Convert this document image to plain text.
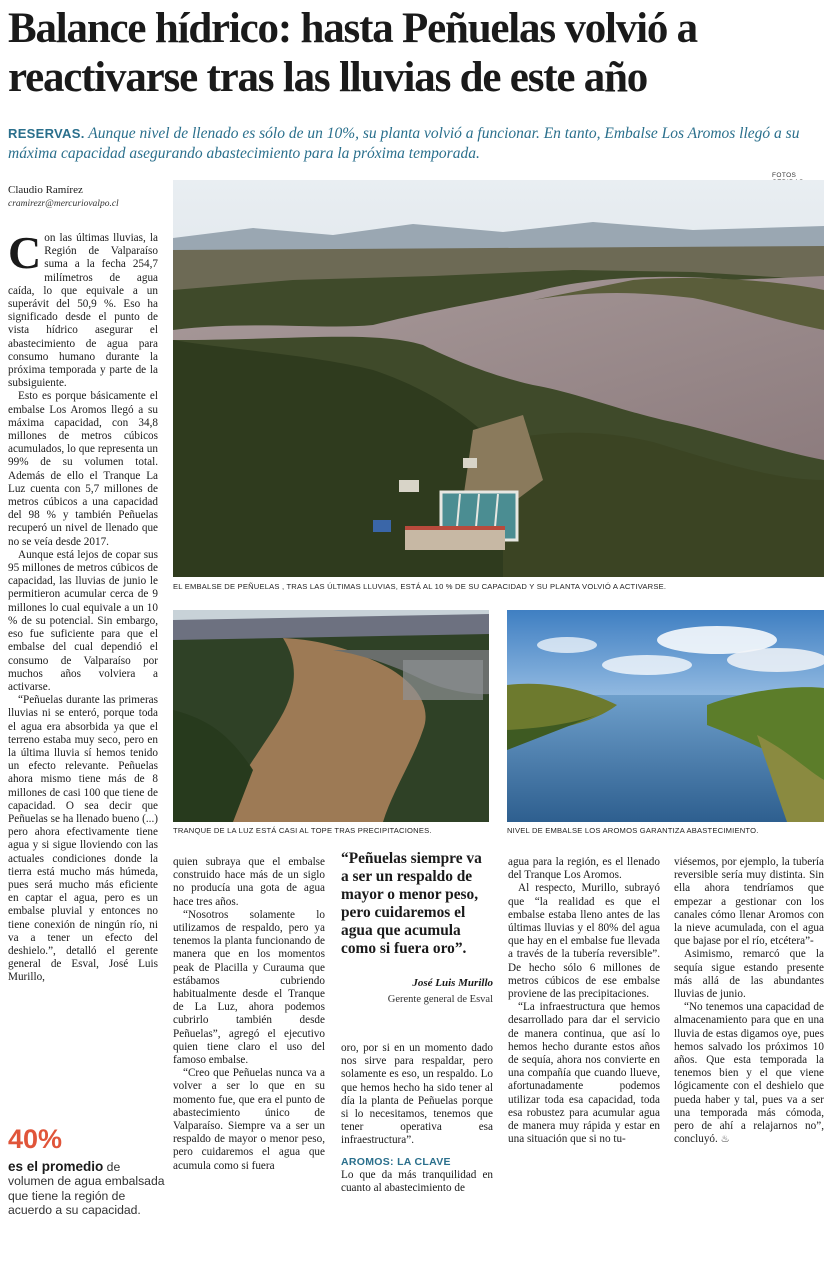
Balance hídrico: hasta Peñuelas volvió a reactivarse tras las lluvias de este año
RESERVAS. Aunque nivel de llenado es sólo de un 10%, su planta volvió a funcionar. En tanto, Embalse Los Aromos llegó a su máxima capacidad asegurando abastecimiento para la próxima temporada.
FOTOS
Claudio Ramírez
cramirezr@mercuriovalpo.cl
EL EMBALSE DE PEÑUELAS , TRAS LAS ÚLTIMAS LLUVIAS, ESTÁ AL 10 % DE SU CAPACIDAD Y SU PLANTA VOLVIÓ A ACTIVARSE.
TRANQUE DE LA LUZ ESTÁ CASI AL TOPE TRAS PRECIPITACIONES.	NIVEL DE EMBALSE LOS AROMOS GARANTIZA ABASTECIMIENTO.

Con las últimas lluvias, la Región de Valparaíso suma a la fecha 254,7 milímetros de agua caída, lo que equivale a un superávit del 50,9 %. Eso ha significado desde el punto de vista hídrico asegurar el abastecimiento de agua para consumo humano durante la próxima temporada y parte de la subsiguiente.

Esto es porque básicamente el embalse Los Aromos llegó a su máxima capacidad, con 34,8 millones de metros cúbicos acumulados, lo que representa un 99% de su volumen total. Además de ello el Tranque La Luz cuenta con 5,7 millones de metros cúbicos a una capacidad del 98 % y también Peñuelas recuperó un nivel de llenado que no se veía desde 2017.

Aunque está lejos de copar sus 95 millones de metros cúbicos de capacidad, las lluvias de junio le permitieron acumular cerca de 9 millones lo cual equivale a un 10 % de su potencial. Sin embargo, eso fue suficiente para que el embalse del cual dependió el consumo de Valparaíso por muchos años volviera a activarse.

“Peñuelas durante las primeras lluvias ni se enteró, porque toda el agua era absorbida ya que el terreno estaba muy seco, pero en la última lluvia sí hemos tenido un efecto relevante. Peñuelas ahora mismo tiene más de 8 millones de casi 100 que tiene de capacidad. O sea decir que Peñuelas se ha llenado bueno (...) pero ahora efectivamente tiene agua y si sigue lloviendo con las actuales condiciones donde la tierra está mucho más húmeda, pues será mucho más eficiente en captar el agua, pero es un embalse pluvial y entonces no tiene conexión de ningún río, ni va a tener un efecto del deshielo.”, detalló el gerente general de Esval, José Luis Murillo,

40%
es el promedio de volumen de agua embalsada que tiene la región de acuerdo a su capacidad.

quien subraya que el embalse construido hace más de un siglo no producía una gota de agua hace tres años.

“Nosotros solamente lo utilizamos de respaldo, pero ya tenemos la planta funcionando de manera que en los momentos peak de Placilla y Curauma que estábamos cubriendo habitualmente desde el Tranque de La Luz, ahora podemos cubrirlo también desde Peñuelas”, agregó el ejecutivo quien tiene claro el uso del famoso embalse.

“Creo que Peñuelas nunca va a volver a ser lo que en su momento fue, que era el punto de abastecimiento único de Valparaíso. Siempre va a ser un respaldo de mayor o menor peso, pero cuidaremos el agua que acumula como si fuera

“Peñuelas siempre va a ser un respaldo de mayor o menor peso, pero cuidaremos el agua que acumula como si fuera oro”.
José Luis Murillo
Gerente general de Esval

oro, por si en un momento dado nos sirve para respaldar, pero solamente es eso, un respaldo. Lo que hemos hecho ha sido tener al día la planta de Peñuelas porque si lo necesitamos, tenemos que tener operativa esa infraestructura”.

AROMOS: LA CLAVE

Lo que da más tranquilidad en cuanto al abastecimiento de

agua para la región, es el llenado del Tranque Los Aromos.

Al respecto, Murillo, subrayó que “la realidad es que el embalse estaba lleno antes de las últimas lluvias y el 80% del agua que hay en el embalse fue llevada a través de la tubería reversible”. De hecho sólo 6 millones de metros cúbicos de ese embalse proviene de las precipitaciones.

“La infraestructura que hemos desarrollado para dar el servicio de manera continua, que así lo hemos hecho durante estos años de sequía, ahora nos convierte en una compañía que cuando llueve, afortunadamente podemos utilizar toda esa capacidad, toda esa robustez para acumular agua de manera muy rápida y estar en una situación que si no tu-

viésemos, por ejemplo, la tubería reversible sería muy distinta. Sin ella ahora tendríamos que empezar a gestionar con los canales cómo llenar Aromos con la nieve acumulada, con el agua que bajase por el río, etcétera”-

Asimismo, remarcó que la sequía sigue estando presente más allá de las abundantes lluvias de junio.

“No tenemos una capacidad de almacenamiento para que en una lluvia de estas digamos oye, pues hemos salvado los próximos 10 años. Que esta temporada la tenemos bien y el que viene lógicamente con el deshielo que pueda haber y tal, pues va a ser una temporada más cómoda, pero de ahí a relajarnos no”, concluyó. ♨
